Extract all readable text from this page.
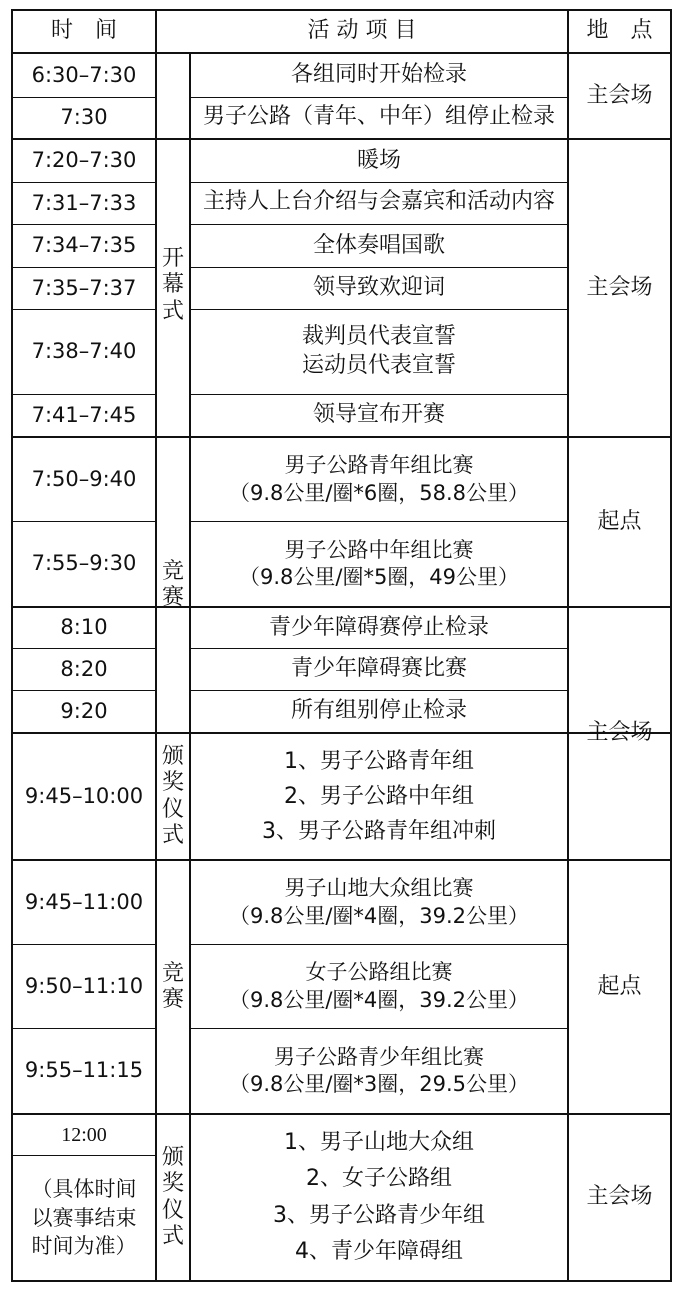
时　间	活 动 项 目	地　点
6:30–7:30
7:30
7:20–7:30
7:31–7:33
7:34–7:35
7:35–7:37
7:38–7:40
7:41–7:45
7:50–9:40
7:55–9:30
8:10
8:20
9:20
9:45–10:00
9:45–11:00
9:50–11:10
9:55–11:15
12:00
（具体时间
以赛事结束
时间为准）
开
幕
式
竞
赛
颁
奖
仪
式
竞
赛
颁
奖
仪
式
各组同时开始检录
男子公路（青年、中年）组停止检录
暖场
主持人上台介绍与会嘉宾和活动内容
全体奏唱国歌
领导致欢迎词
裁判员代表宣誓
运动员代表宣誓
领导宣布开赛
男子公路青年组比赛
（9.8公里/圈*6圈，58.8公里）
男子公路中年组比赛
（9.8公里/圈*5圈，49公里）
青少年障碍赛停止检录
青少年障碍赛比赛
所有组别停止检录
1、男子公路青年组
2、男子公路中年组
3、男子公路青年组冲刺
男子山地大众组比赛
（9.8公里/圈*4圈，39.2公里）
女子公路组比赛
（9.8公里/圈*4圈，39.2公里）
男子公路青少年组比赛
（9.8公里/圈*3圈，29.5公里）
1、男子山地大众组
2、女子公路组
3、男子公路青少年组
4、青少年障碍组
主会场
主会场
起点
主会场
起点
主会场
